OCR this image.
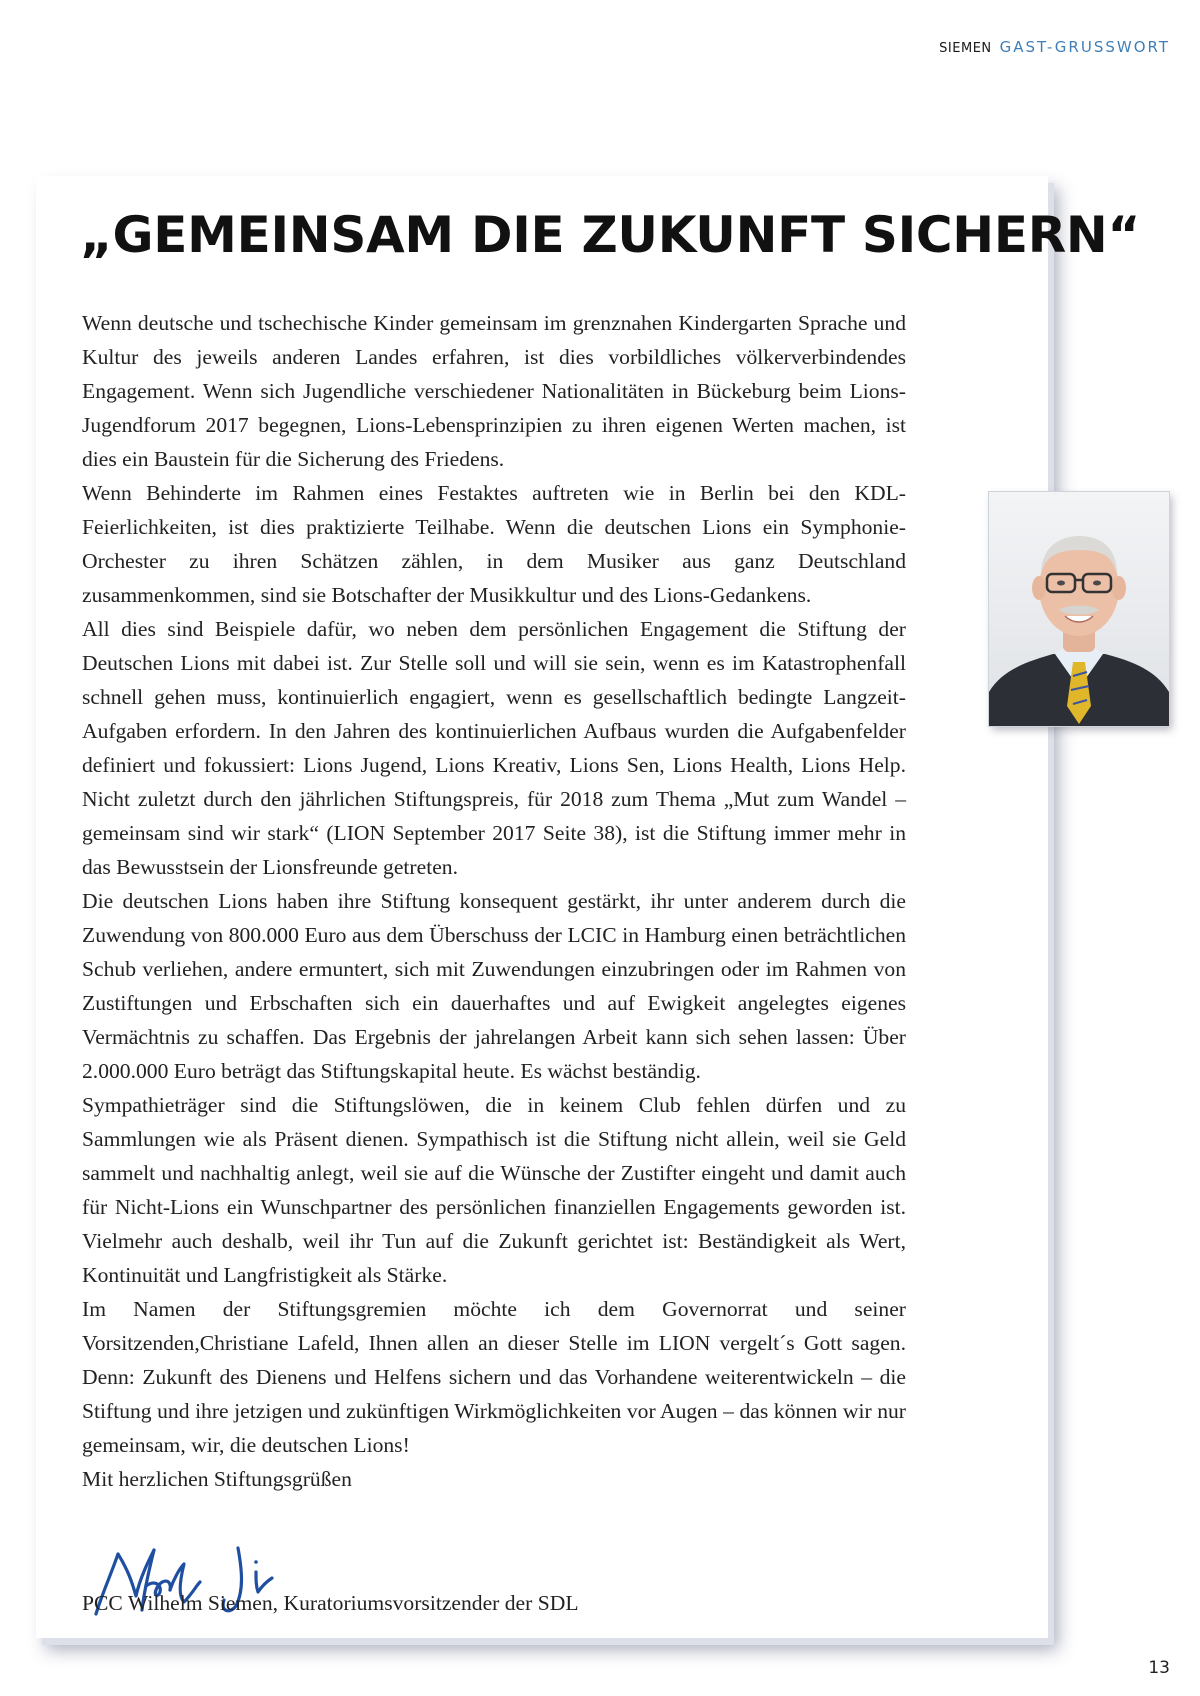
SIEMEN GAST-GRUSSWORT
„GEMEINSAM DIE ZUKUNFT SICHERN“

Wenn deutsche und tschechische Kinder gemeinsam im grenznahen Kindergarten Sprache und Kultur des jeweils anderen Landes erfahren, ist dies vorbildliches völkerverbindendes Engagement. Wenn sich Jugendliche verschiedener Nationalitäten in Bückeburg beim Lions-Jugendforum 2017 begegnen, Lions-Lebensprinzipien zu ihren eigenen Werten machen, ist dies ein Baustein für die Sicherung des Friedens.

Wenn Behinderte im Rahmen eines Festaktes auftreten wie in Berlin bei den KDL-Feierlichkeiten, ist dies praktizierte Teilhabe. Wenn die deutschen Lions ein Symphonie-Orchester zu ihren Schätzen zählen, in dem Musiker aus ganz Deutschland zusammenkommen, sind sie Botschafter der Musikkultur und des Lions-Gedankens.

All dies sind Beispiele dafür, wo neben dem persönlichen Engagement die Stiftung der Deutschen Lions mit dabei ist. Zur Stelle soll und will sie sein, wenn es im Katastrophenfall schnell gehen muss, kontinuierlich engagiert, wenn es gesellschaftlich bedingte Langzeit-Aufgaben erfordern. In den Jahren des kontinuierlichen Aufbaus wurden die Aufgabenfelder definiert und fokussiert: Lions Jugend, Lions Kreativ, Lions Sen, Lions Health, Lions Help. Nicht zuletzt durch den jährlichen Stiftungspreis, für 2018 zum Thema „Mut zum Wandel – gemeinsam sind wir stark“ (LION September 2017 Seite 38), ist die Stiftung immer mehr in das Bewusstsein der Lionsfreunde getreten.

Die deutschen Lions haben ihre Stiftung konsequent gestärkt, ihr unter anderem durch die Zuwendung von 800.000 Euro aus dem Überschuss der LCIC in Hamburg einen beträchtlichen Schub verliehen, andere ermuntert, sich mit Zuwendungen einzubringen oder im Rahmen von Zustiftungen und Erbschaften sich ein dauerhaftes und auf Ewigkeit angelegtes eigenes Vermächtnis zu schaffen. Das Ergebnis der jahrelangen Arbeit kann sich sehen lassen: Über 2.000.000 Euro beträgt das Stiftungskapital heute. Es wächst beständig.

Sympathieträger sind die Stiftungslöwen, die in keinem Club fehlen dürfen und zu Sammlungen wie als Präsent dienen. Sympathisch ist die Stiftung nicht allein, weil sie Geld sammelt und nachhaltig anlegt, weil sie auf die Wünsche der Zustifter eingeht und damit auch für Nicht-Lions ein Wunschpartner des persönlichen finanziellen Engagements geworden ist. Vielmehr auch deshalb, weil ihr Tun auf die Zukunft gerichtet ist: Beständigkeit als Wert, Kontinuität und Langfristigkeit als Stärke.

Im Namen der Stiftungsgremien möchte ich dem Governorrat und seiner Vorsitzenden,Christiane Lafeld, Ihnen allen an dieser Stelle im LION vergelt´s Gott sagen. Denn: Zukunft des Dienens und Helfens sichern und das Vorhandene weiterentwickeln – die Stiftung und ihre jetzigen und zukünftigen Wirkmöglichkeiten vor Augen – das können wir nur gemeinsam, wir, die deutschen Lions!

Mit herzlichen Stiftungsgrüßen

PCC Wilhelm Siemen, Kuratoriumsvorsitzender der SDL
13
